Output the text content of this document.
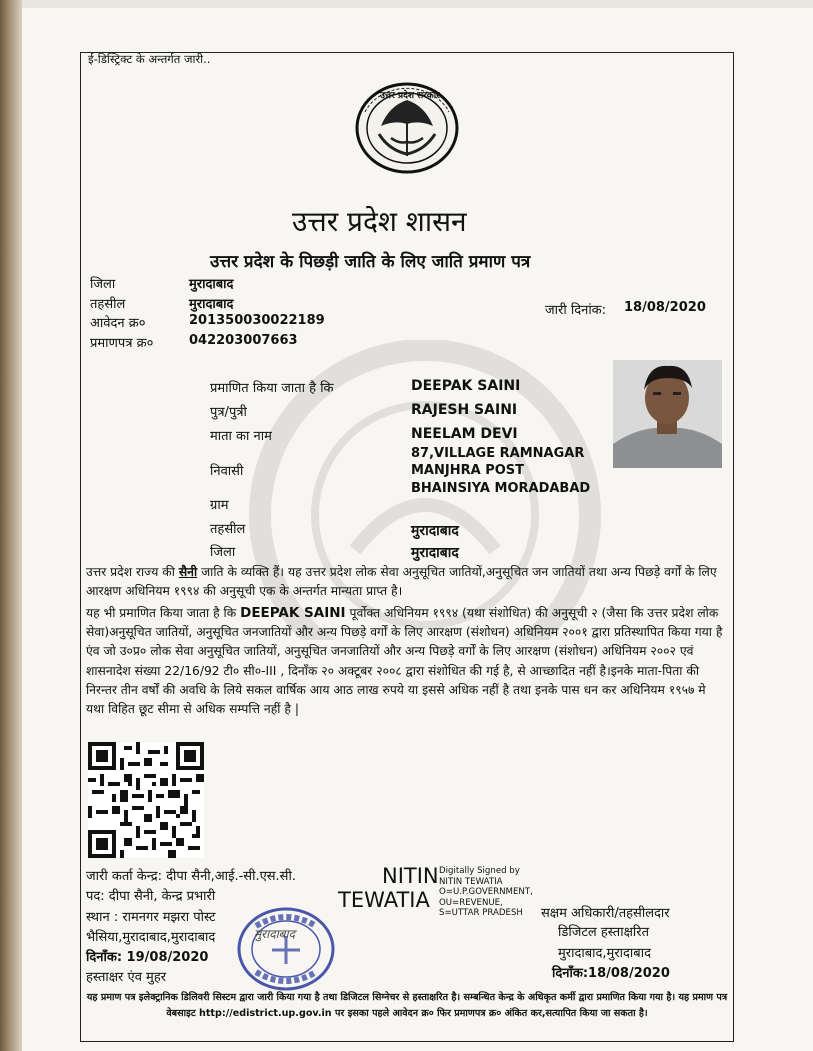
ई-डिस्ट्रिक्ट के अन्तर्गत जारी..
उत्तर प्रदेश सरकार
उत्तर प्रदेश शासन
उत्तर प्रदेश के पिछड़ी जाति के लिए जाति प्रमाण पत्र
जिला	मुरादाबाद
तहसील	मुरादाबाद
आवेदन क्र०	201350030022189
प्रमाणपत्र क्र०	042203007663
जारी दिनांक: 18/08/2020
प्रमाणित किया जाता है कि	DEEPAK SAINI
पुत्र/पुत्री	RAJESH SAINI
माता का नाम	NEELAM DEVI
87,VILLAGE RAMNAGAR
निवासी	MANJHRA POST
BHAINSIYA MORADABAD
ग्राम
तहसील	मुरादाबाद
जिला	मुरादाबाद
उत्तर प्रदेश राज्य की सैनी जाति के व्यक्ति हैं। यह उत्तर प्रदेश लोक सेवा अनुसूचित जातियों,अनुसूचित जन जातियों तथा अन्य पिछड़े वर्गों के लिए आरक्षण अधिनियम १९९४ की अनुसूची एक के अन्तर्गत मान्यता प्राप्त है।
यह भी प्रमाणित किया जाता है कि DEEPAK SAINI पूर्वोक्त अधिनियम १९९४ (यथा संशोधित) की अनुसूची २ (जैसा कि उत्तर प्रदेश लोक सेवा)अनुसूचित जातियों, अनुसूचित जनजातियों और अन्य पिछड़े वर्गों के लिए आरक्षण (संशोधन) अधिनियम २००१ द्वारा प्रतिस्थापित किया गया है एंव जो उ०प्र० लोक सेवा अनुसूचित जातियों, अनुसूचित जनजातियों और अन्य पिछड़े वर्गों के लिए आरक्षण (संशोधन) अधिनियम २००२ एवं शासनादेश संख्या 22/16/92 टी० सी०-III , दिनाँक २० अक्टूबर २००८ द्वारा संशोधित की गई है, से आच्छादित नहीं है।इनके माता-पिता की निरन्तर तीन वर्षों की अवधि के लिये सकल वार्षिक आय आठ लाख रुपये या इससे अधिक नहीं है तथा इनके पास धन कर अधिनियम १९५७ मे यथा विहित छूट सीमा से अधिक सम्पत्ति नहीं है |
जारी कर्ता केन्द्र: दीपा सैनी,आई.-सी.एस.सी.
पद: दीपा सैनी, केन्द्र प्रभारी
स्थान : रामनगर मझरा पोस्ट
भैसिया,मुरादाबाद,मुरादाबाद
दिनाँक: 19/08/2020
हस्ताक्षर एंव मुहर
मुरादाबाद
NITIN
TEWATIA
Digitally Signed by
NITIN TEWATIA
O=U.P.GOVERNMENT,
OU=REVENUE,
S=UTTAR PRADESH	सक्षम अधिकारी/तहसीलदार
डिजिटल हस्ताक्षरित
मुरादाबाद,मुरादाबाद
दिनाँक:18/08/2020
यह प्रमाण पत्र इलेक्ट्रानिक डिलिवरी सिस्टम द्वारा जारी किया गया है तथा डिजिटल सिग्नेचर से हस्ताक्षरित है। सम्बन्धित केन्द्र के अधिकृत कर्मी द्वारा प्रमाणित किया गया है। यह प्रमाण पत्र वेबसाइट http://edistrict.up.gov.in पर इसका पहले आवेदन क्र० फिर प्रमाणपत्र क्र० अंकित कर,सत्यापित किया जा सकता है।
